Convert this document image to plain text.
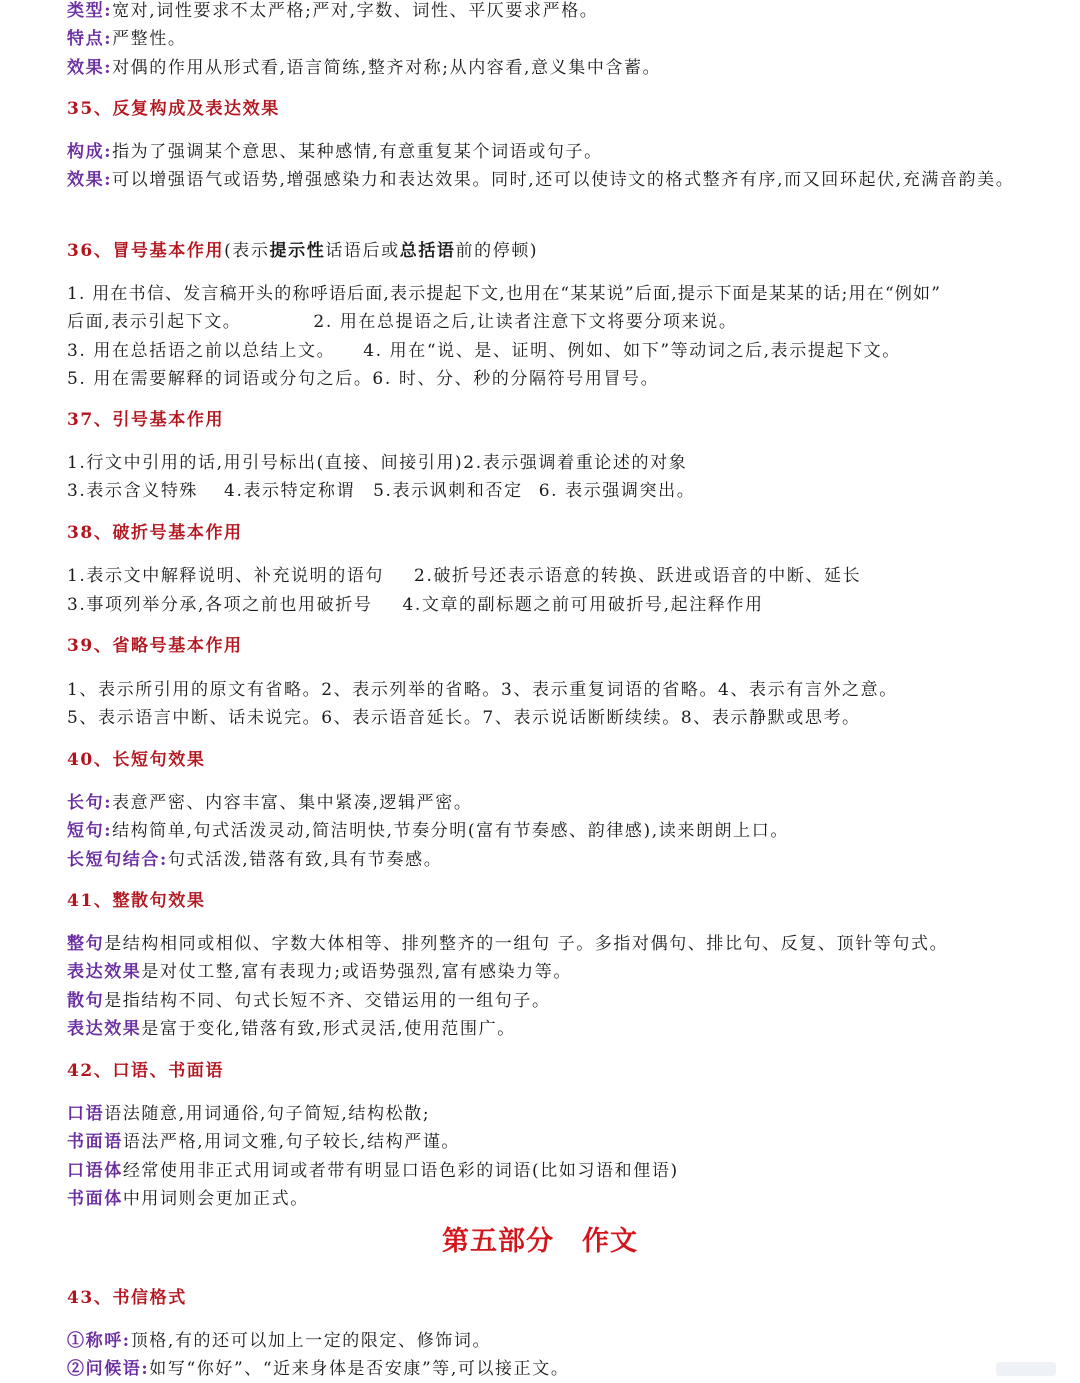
类型:宽对,词性要求不太严格;严对,字数、词性、平仄要求严格。
特点:严整性。
效果:对偶的作用从形式看,语言简练,整齐对称;从内容看,意义集中含蓄。
35、反复构成及表达效果
构成:指为了强调某个意思、某种感情,有意重复某个词语或句子。
效果:可以增强语气或语势,增强感染力和表达效果。同时,还可以使诗文的格式整齐有序,而又回环起伏,充满音韵美。
36、冒号基本作用(表示提示性话语后或总括语前的停顿)
1. 用在书信、发言稿开头的称呼语后面,表示提起下文,也用在“某某说”后面,提示下面是某某的话;用在“例如”
后面,表示引起下文。	2. 用在总提语之后,让读者注意下文将要分项来说。
3. 用在总括语之前以总结上文。 4. 用在“说、是、证明、例如、如下”等动词之后,表示提起下文。
5. 用在需要解释的词语或分句之后。6. 时、分、秒的分隔符号用冒号。
37、引号基本作用
1.行文中引用的话,用引号标出(直接、间接引用)2.表示强调着重论述的对象
3.表示含义特殊 4.表示特定称谓 5.表示讽刺和否定 6. 表示强调突出。
38、破折号基本作用
1.表示文中解释说明、补充说明的语句 2.破折号还表示语意的转换、跃进或语音的中断、延长
3.事项列举分承,各项之前也用破折号 4.文章的副标题之前可用破折号,起注释作用
39、省略号基本作用
1、表示所引用的原文有省略。2、表示列举的省略。3、表示重复词语的省略。4、表示有言外之意。
5、表示语言中断、话未说完。6、表示语音延长。7、表示说话断断续续。8、表示静默或思考。
40、长短句效果
长句:表意严密、内容丰富、集中紧凑,逻辑严密。
短句:结构简单,句式活泼灵动,简洁明快,节奏分明(富有节奏感、韵律感),读来朗朗上口。
长短句结合:句式活泼,错落有致,具有节奏感。
41、整散句效果
整句是结构相同或相似、字数大体相等、排列整齐的一组句 子。多指对偶句、排比句、反复、顶针等句式。
表达效果是对仗工整,富有表现力;或语势强烈,富有感染力等。
散句是指结构不同、句式长短不齐、交错运用的一组句子。
表达效果是富于变化,错落有致,形式灵活,使用范围广。
42、口语、书面语
口语语法随意,用词通俗,句子简短,结构松散;
书面语语法严格,用词文雅,句子较长,结构严谨。
口语体经常使用非正式用词或者带有明显口语色彩的词语(比如习语和俚语)
书面体中用词则会更加正式。
第五部分 作文
43、书信格式
①称呼:顶格,有的还可以加上一定的限定、修饰词。
②问候语:如写“你好”、“近来身体是否安康”等,可以接正文。
